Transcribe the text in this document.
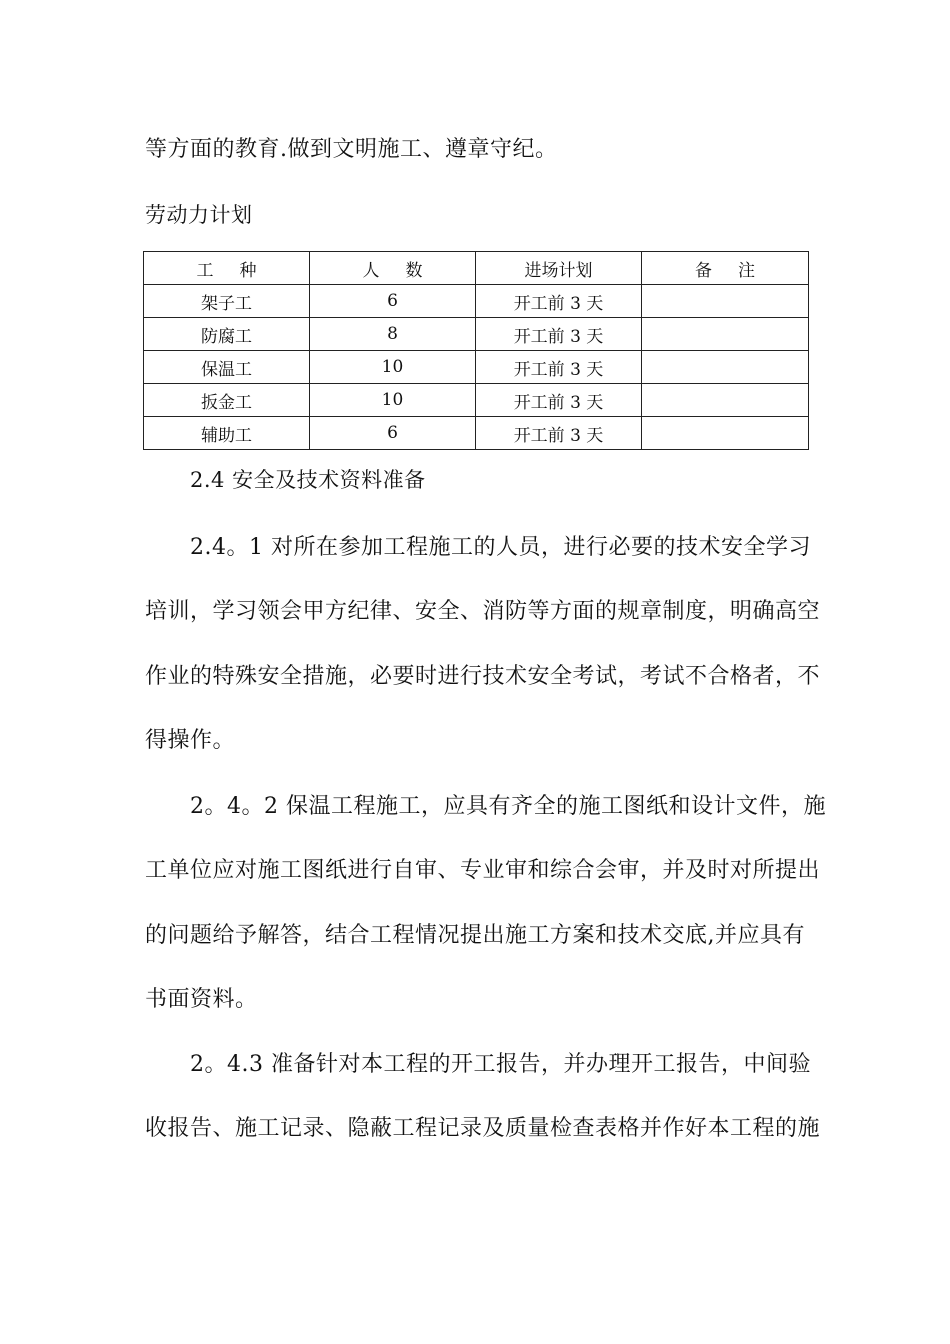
等方面的教育.做到文明施工、遵章守纪。
劳动力计划
工种	人数	进场计划	备注
架子工	6	开工前 3 天	
防腐工	8	开工前 3 天	
保温工	10	开工前 3 天	
扳金工	10	开工前 3 天	
辅助工	6	开工前 3 天	
2.4 安全及技术资料准备
2.4。1 对所在参加工程施工的人员，进行必要的技术安全学习
培训，学习领会甲方纪律、安全、消防等方面的规章制度，明确高空
作业的特殊安全措施，必要时进行技术安全考试，考试不合格者，不
得操作。
2。4。2 保温工程施工，应具有齐全的施工图纸和设计文件，施
工单位应对施工图纸进行自审、专业审和综合会审，并及时对所提出
的问题给予解答，结合工程情况提出施工方案和技术交底,并应具有
书面资料。
2。4.3 准备针对本工程的开工报告，并办理开工报告，中间验
收报告、施工记录、隐蔽工程记录及质量检查表格并作好本工程的施
